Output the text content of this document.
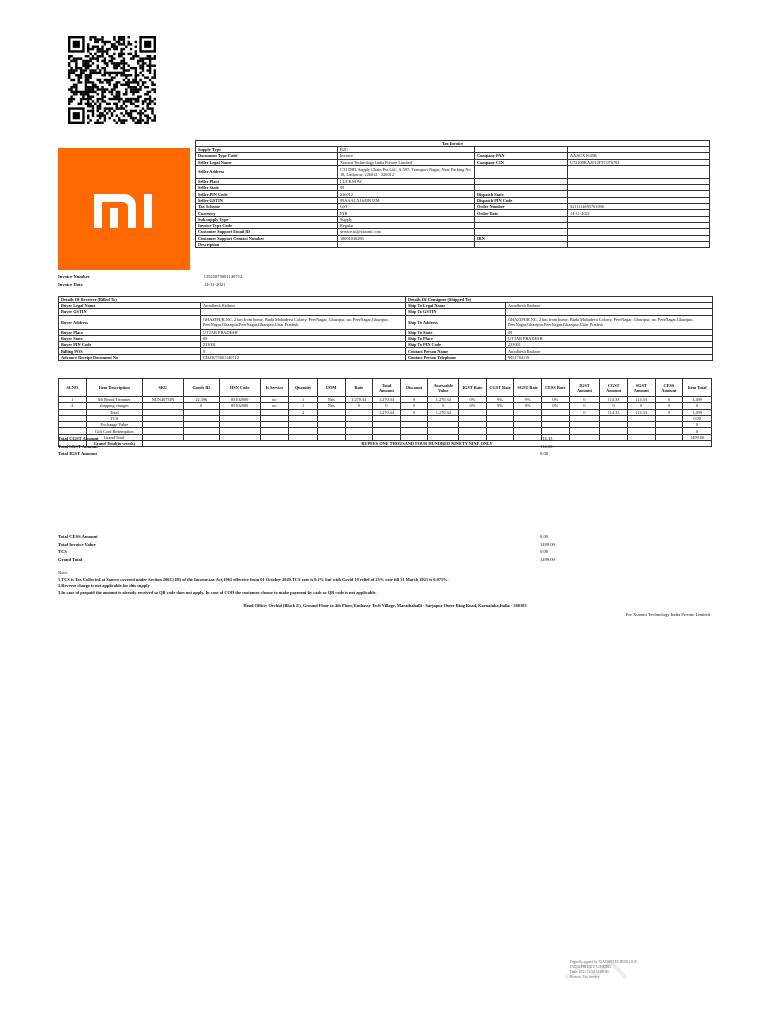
Tax Invoice			
Supply Type	B2C		
Document Type Code	Invoice	Company PAN	AAACX1645B
Seller Legal Name	Xiaomi Technology India Private Limited	Company CIN	U72200KA2014FTC076784
Seller Address	C/O DHL Supply Chain Pvt Ltd., A-597, Transport Nagar, Near Parking No 18, Lucknow, 226012 - 226012		
Seller Place	LUCKNOW		
Seller State	09		
Seller PIN Code	226012	Dispatch State	
Seller GSTIN	09AAACX1645B1ZM	Dispatch PIN Code	
Tax Scheme	GST	Order Number	5211114695761006
Currency	INR	Order Date	14-11-2021
Sub.supply Type	Supply		
Invoice Type Code	Regular		
Customer Support Email ID	service.in@xiaomi.com		
Customer Support Contact Number	18001036286	IRN	
Description			
Invoice Number	CD25075001140712
Invoice Date	14-11-2021
Details Of Receiver (Billed To)		Details Of Consignee (Shipped To)	
Buyer Legal Name	Awadhesh Rathore	Ship To Legal Name	Awadhesh Rathore
Buyer GSTIN		Ship To GSTIN	
Buyer Address	GHAZIPUR,NC, 2 km from home, Buda Mahadeva Colony, PeerNagar, Ghazipur, na, PeerNagar,Ghazipur, PeerNagar,Ghazipur,PeerNagar,Ghazipur,Uttar Pradesh	Ship To Address	GHAZIPUR,NC, 2 km from home, Buda Mahadeva Colony, PeerNagar, Ghazipur, na, PeerNagar,Ghazipur, PeerNagar,Ghazipur,PeerNagar,Ghazipur,Uttar Pradesh
Buyer Place	UTTAR PRADESH	Ship To State	09
Buyer State	09	Ship To Place	UTTAR PRADESH
Buyer PIN Code	233001	Ship To PIN Code	233001
Billing POS	9	Contact Person Name	Awadhesh Rathore
Advance Receipt Document No	CD25075001140712	Contact Person Telephone	9451784119
SLNO	Item Description	SKU	Goods ID	HSN Code	Is Service	Quantity	UOM	Rate	Total Amount	Discount	Assessable Value	IGST Rate	CGST Rate	SGST Rate	CESS Rate	IGST Amount	CGST Amount	SGST Amount	CESS Amount	Item Total
1	Mi Beard Trimmer	NUN4073IN	22,396	85102000	no	1	Nos	1,270.34	1,270.34	0	1,270.34	0%	9%	9%	0%	0	114.33	114.33	0	1,499
2	shipping charges		0	85102000	no	1	Nos	0	0	0	0	0%	9%	9%	0%	0	0	0	0	0
	Total					2			1,270.34	0	1,270.34					0	114.33	114.33	0	1,499
	TCS																			0.00
	Exchange Value																			0
	Gift Card Redemption																			0
	Grand Total																			1499.00
	Grand Total(in words)	RUPEES ONE THOUSAND FOUR HUNDRED NINETY NINE ONLY																		
Total CGST Amount	114.33
Total SGST Amount	114.33
Total IGST Amount	0.00
Total CESS Amount	0.00
Total Invoice Value	1499.00
TCS	0.00
Grand Total	1499.00
Note:
1.TCS is Tax Collected at Source covered under Section 206C(1H) of the Income.tax Act,1961 effective from 01 October 2020.TCS rate is 0.1% but with Covid 19 relief of 25% rate till 31 March 2021 is 0.075%.
2.Reverse charge is not applicable for this supply
3.In case of prepaid the amount is already received so QR code does not apply. In case of COD the customer choose to make payment by cash so QR code is not applicable.
Head Office: Orchid (Block E), Ground Floor to 4th Floor, Embassy Tech Village, Marathahalli - Sarjapur Outer Ring Road, Karnataka,India - 560103
For Xiaomi Technology India Private Limited
Digitally signed by XIAOMI TECHNOLOGY
INDIA PRIVATE LIMITED
Date: 2021.11.14 12:00:00
Reason: Tax Invoice
